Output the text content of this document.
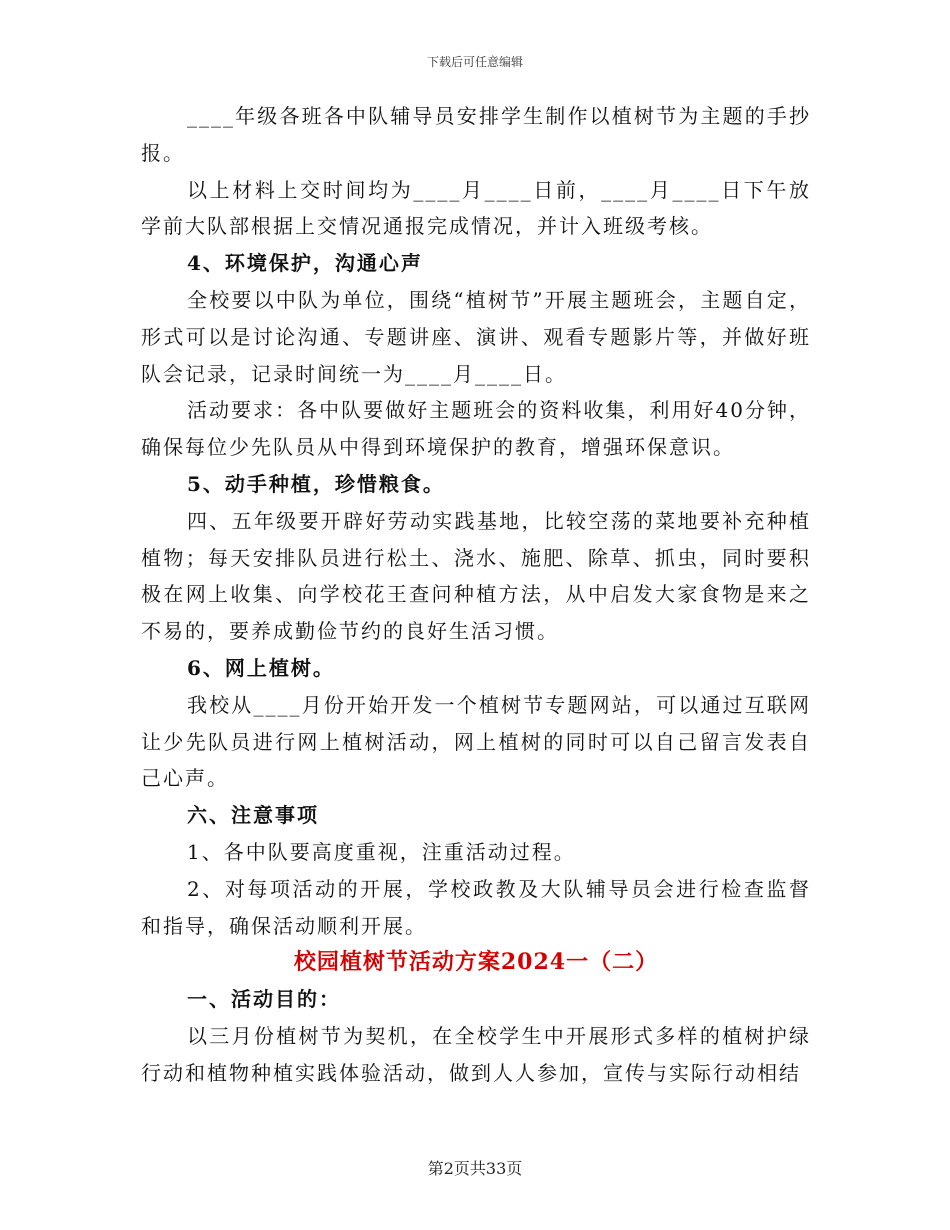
下载后可任意编辑

____年级各班各中队辅导员安排学生制作以植树节为主题的手抄报。

以上材料上交时间均为____月____日前，____月____日下午放学前大队部根据上交情况通报完成情况，并计入班级考核。

4、环境保护，沟通心声

全校要以中队为单位，围绕“植树节”开展主题班会，主题自定，形式可以是讨论沟通、专题讲座、演讲、观看专题影片等，并做好班队会记录，记录时间统一为____月____日。

活动要求：各中队要做好主题班会的资料收集，利用好40分钟，确保每位少先队员从中得到环境保护的教育，增强环保意识。

5、动手种植，珍惜粮食。

四、五年级要开辟好劳动实践基地，比较空荡的菜地要补充种植植物；每天安排队员进行松土、浇水、施肥、除草、抓虫，同时要积极在网上收集、向学校花王查问种植方法，从中启发大家食物是来之不易的，要养成勤俭节约的良好生活习惯。

6、网上植树。

我校从____月份开始开发一个植树节专题网站，可以通过互联网让少先队员进行网上植树活动，网上植树的同时可以自己留言发表自己心声。

六、注意事项

1、各中队要高度重视，注重活动过程。

2、对每项活动的开展，学校政教及大队辅导员会进行检查监督和指导，确保活动顺利开展。

校园植树节活动方案2024一（二）

一、活动目的：

以三月份植树节为契机，在全校学生中开展形式多样的植树护绿行动和植物种植实践体验活动，做到人人参加，宣传与实际行动相结

第2页共33页
